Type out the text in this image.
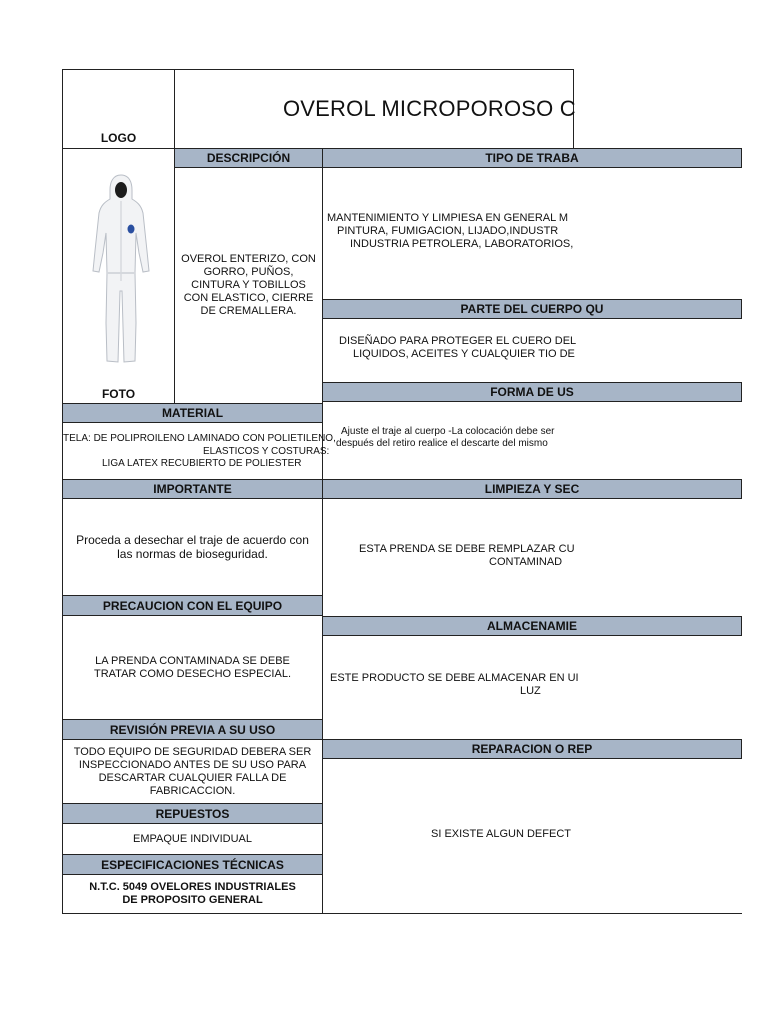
LOGO
OVEROL MICROPOROSO C
FOTO
DESCRIPCIÓN
OVEROL ENTERIZO, CON GORRO, PUÑOS, CINTURA Y TOBILLOS CON ELASTICO, CIERRE DE CREMALLERA.
TIPO DE TRABA
MANTENIMIENTO Y LIMPIESA EN GENERAL M
PINTURA, FUMIGACION, LIJADO,INDUSTR
INDUSTRIA PETROLERA, LABORATORIOS,
PARTE DEL CUERPO QU
DISEÑADO PARA PROTEGER EL CUERO DEL
LIQUIDOS, ACEITES Y CUALQUIER TIO DE
FORMA DE US
Ajuste el traje al cuerpo -La colocación debe ser
después del retiro realice el descarte del mismo
MATERIAL
TELA: DE POLIPROILENO LAMINADO CON POLIETILENO,
ELASTICOS Y COSTURAS:
LIGA LATEX RECUBIERTO DE POLIESTER
IMPORTANTE
Proceda a desechar el traje de acuerdo con las normas de bioseguridad.
LIMPIEZA Y SEC
ESTA PRENDA SE DEBE REMPLAZAR CU
CONTAMINAD
PRECAUCION CON EL EQUIPO
LA PRENDA CONTAMINADA SE DEBE TRATAR COMO DESECHO ESPECIAL.
ALMACENAMIE
ESTE PRODUCTO SE DEBE ALMACENAR EN UI
LUZ
REVISIÓN PREVIA A SU USO
TODO EQUIPO DE SEGURIDAD DEBERA SER INSPECCIONADO ANTES DE SU USO PARA DESCARTAR CUALQUIER FALLA DE FABRICACCION.
REPARACION O REP
SI EXISTE ALGUN DEFECT
REPUESTOS
EMPAQUE INDIVIDUAL
ESPECIFICACIONES TÉCNICAS
N.T.C. 5049 OVELORES INDUSTRIALES DE PROPOSITO GENERAL
